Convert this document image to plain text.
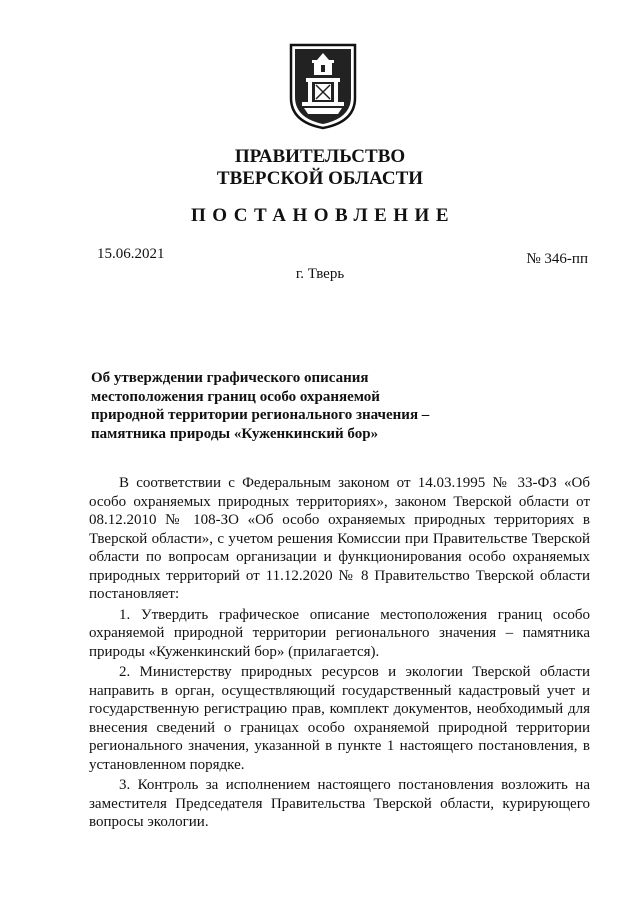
ПРАВИТЕЛЬСТВО
ТВЕРСКОЙ ОБЛАСТИ
ПОСТАНОВЛЕНИЕ
15.06.2021	№ 346-пп
г. Тверь
Об утверждении графического описания местоположения границ особо охраняемой природной территории регионального значения – памятника природы «Куженкинский бор»

В соответствии с Федеральным законом от 14.03.1995 № 33-ФЗ «Об особо охраняемых природных территориях», законом Тверской области от 08.12.2010 № 108-ЗО «Об особо охраняемых природных территориях в Тверской области», с учетом решения Комиссии при Правительстве Тверской области по вопросам организации и функционирования особо охраняемых природных территорий от 11.12.2020 № 8 Правительство Тверской области постановляет:

1. Утвердить графическое описание местоположения границ особо охраняемой природной территории регионального значения – памятника природы «Куженкинский бор» (прилагается).

2. Министерству природных ресурсов и экологии Тверской области направить в орган, осуществляющий государственный кадастровый учет и государственную регистрацию прав, комплект документов, необходимый для внесения сведений о границах особо охраняемой природной территории регионального значения, указанной в пункте 1 настоящего постановления, в установленном порядке.

3. Контроль за исполнением настоящего постановления возложить на заместителя Председателя Правительства Тверской области, курирующего вопросы экологии.
